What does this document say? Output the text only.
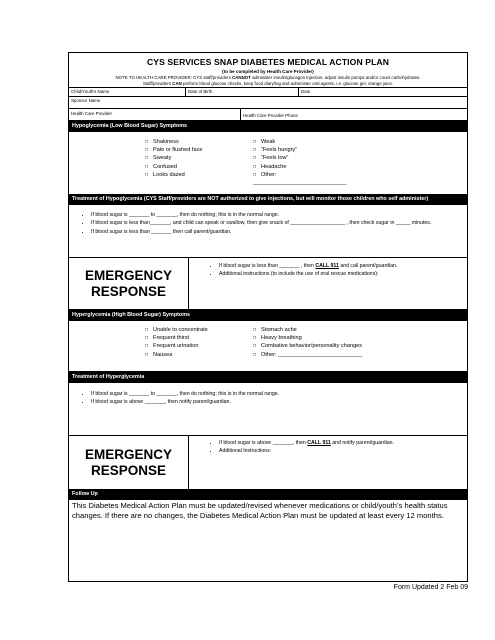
CYS SERVICES SNAP DIABETES MEDICAL ACTION PLAN
(to be completed by Health Care Provider)
NOTE TO HEALTH CARE PROVIDER: CYS staff/providers CANNOT administer insulin/glucagon injection, adjust insulin pumps and/or count carbohydrates.
Staff/providers CAN perform blood glucose checks, keep food diary/log and administer oral agents, i.e. glucose gel, orange juice.
Child/Youth's Name	Date of Birth	Date
Sponsor Name
Health Care Provider	Health Care Provider Phone
Hypoglycemia (Low Blood Sugar) Symptoms
□ Shakiness
□ Pale or flushed face
□ Sweaty
□ Confused
□ Looks dazed
□ Weak
□ “Feels hungry”
□ “Feels low”
□ Headache
□ Other:
______________________________
Treatment of Hypoglycemia (CYS Staff/providers are NOT authorized to give injections, but will monitor those children who self administer)
• If blood sugar is _______ to _______, then do nothing; this is in the normal range.
• If blood sugar is less than_______, and child can speak or swallow, then give snack of ___________________ , then check sugar in _____ minutes.
• If blood sugar is less than _______ then call parent/guardian.
EMERGENCY
RESPONSE
• If blood sugar is less than _______ , then CALL 911 and call parent/guardian.
• Additional instructions (to include the use of oral rescue medications):
Hyperglycemia (High Blood Sugar) Symptoms
□ Unable to concentrate
□ Frequent thirst
□ Frequent urination
□ Nausea
□ Stomach ache
□ Heavy breathing
□ Combative behavior/personality changes
□ Other: ___________________________
Treatment of Hyperglycemia
• If blood sugar is _______ to _______, then do nothing; this is in the normal range.
• If blood sugar is above _______, then notify parent/guardian.
EMERGENCY
RESPONSE
• If blood sugar is above _______, then CALL 911 and notify parent/guardian.
• Additional Instructions:
Follow Up
This Diabetes Medical Action Plan must be updated/revised whenever medications or child/youth’s health status changes. If there are no changes, the Diabetes Medical Action Plan must be updated at least every 12 months.
Form Updated 2 Feb 09
